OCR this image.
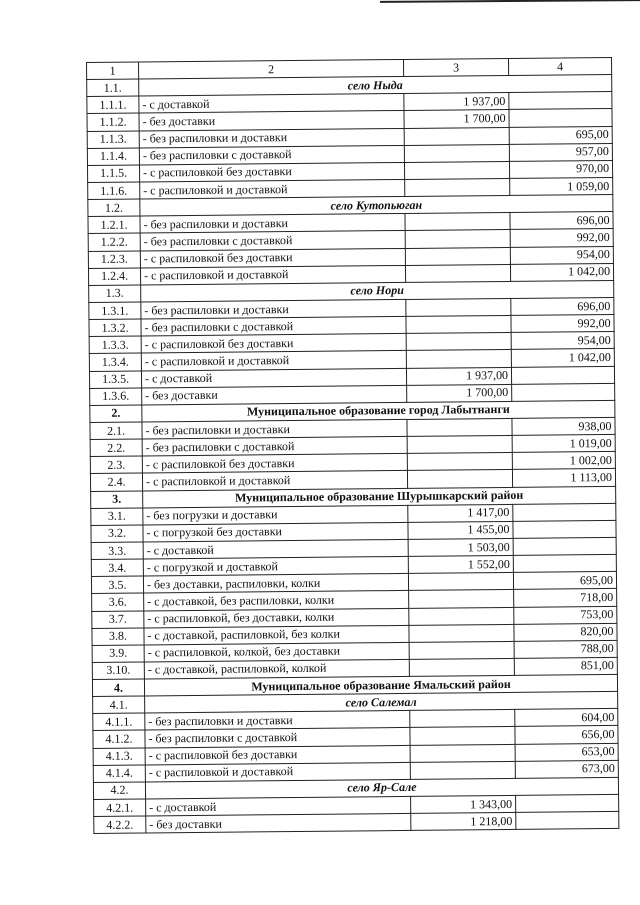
1	2	3	4
1.1.	село Ныда		
1.1.1.	- с доставкой	1 937,00	
1.1.2.	- без доставки	1 700,00	
1.1.3.	- без распиловки и доставки		695,00
1.1.4.	- без распиловки с доставкой		957,00
1.1.5.	- с распиловкой без доставки		970,00
1.1.6.	- с распиловкой и доставкой		1 059,00
1.2.	село Кутопьюган		
1.2.1.	- без распиловки и доставки		696,00
1.2.2.	- без распиловки с доставкой		992,00
1.2.3.	- с распиловкой без доставки		954,00
1.2.4.	- с распиловкой и доставкой		1 042,00
1.3.	село Нори		
1.3.1.	- без распиловки и доставки		696,00
1.3.2.	- без распиловки с доставкой		992,00
1.3.3.	- с распиловкой без доставки		954,00
1.3.4.	- с распиловкой и доставкой		1 042,00
1.3.5.	- с доставкой	1 937,00	
1.3.6.	- без доставки	1 700,00	
2.	Муниципальное образование город Лабытнанги		
2.1.	- без распиловки и доставки		938,00
2.2.	- без распиловки с доставкой		1 019,00
2.3.	- с распиловкой без доставки		1 002,00
2.4.	- с распиловкой и доставкой		1 113,00
3.	Муниципальное образование Шурышкарский район		
3.1.	- без погрузки и доставки	1 417,00	
3.2.	- с погрузкой без доставки	1 455,00	
3.3.	- с доставкой	1 503,00	
3.4.	- с погрузкой и доставкой	1 552,00	
3.5.	- без доставки, распиловки, колки		695,00
3.6.	- с доставкой, без распиловки, колки		718,00
3.7.	- с распиловкой, без доставки, колки		753,00
3.8.	- с доставкой, распиловкой, без колки		820,00
3.9.	- с распиловкой, колкой, без доставки		788,00
3.10.	- с доставкой, распиловкой, колкой		851,00
4.	Муниципальное образование Ямальский район		
4.1.	село Салемал		
4.1.1.	- без распиловки и доставки		604,00
4.1.2.	- без распиловки с доставкой		656,00
4.1.3.	- с распиловкой без доставки		653,00
4.1.4.	- с распиловкой и доставкой		673,00
4.2.	село Яр-Сале		
4.2.1.	- с доставкой	1 343,00	
4.2.2.	- без доставки	1 218,00	
